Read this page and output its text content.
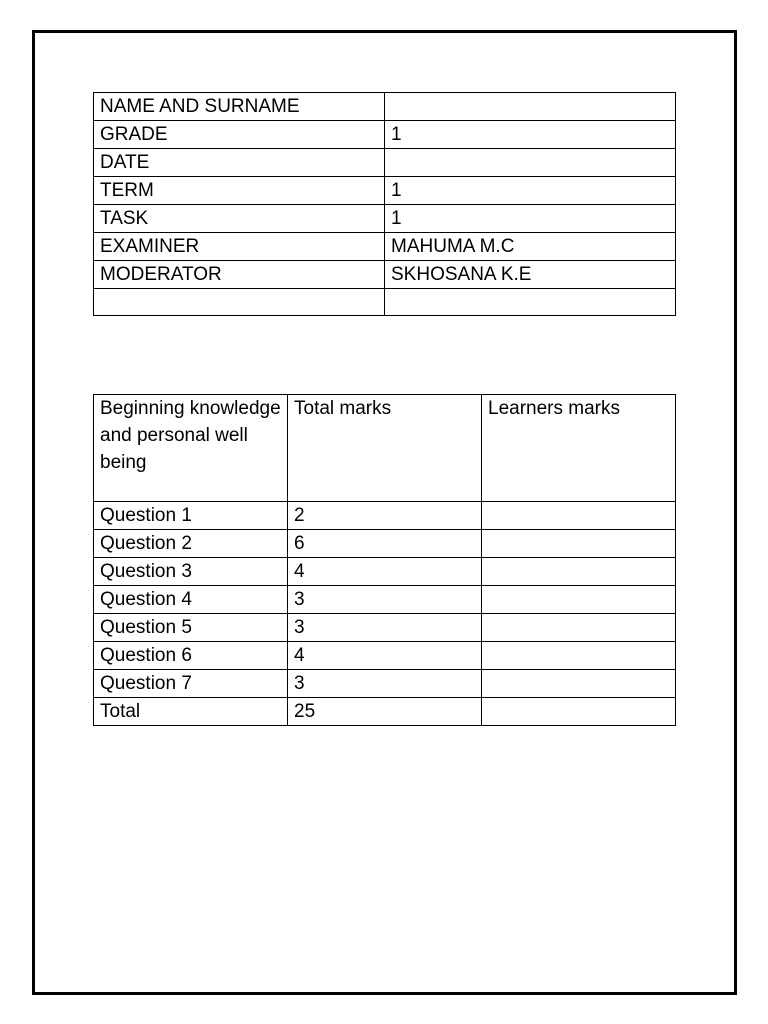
NAME AND SURNAME	
GRADE	1
DATE	
TERM	1
TASK	1
EXAMINER	MAHUMA M.C
MODERATOR	SKHOSANA K.E

Beginning knowledge and personal well being	Total marks	Learners marks
Question 1	2	
Question 2	6	
Question 3	4	
Question 4	3	
Question 5	3	
Question 6	4	
Question 7	3	
Total	25	
